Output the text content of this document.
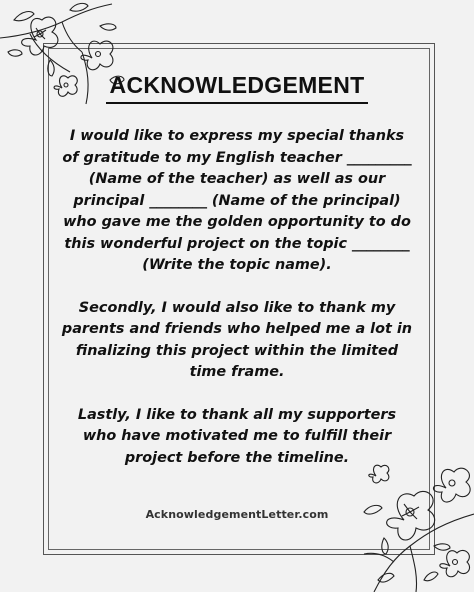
ACKNOWLEDGEMENT

I would like to express my special thanks of gratitude to my English teacher _________ (Name of the teacher) as well as our principal ________ (Name of the principal) who gave me the golden opportunity to do this wonderful project on the topic ________ (Write the topic name).

Secondly, I would also like to thank my parents and friends who helped me a lot in finalizing this project within the limited time frame.

Lastly, I like to thank all my supporters who have motivated me to fulfill their project before the timeline.

AcknowledgementLetter.com
